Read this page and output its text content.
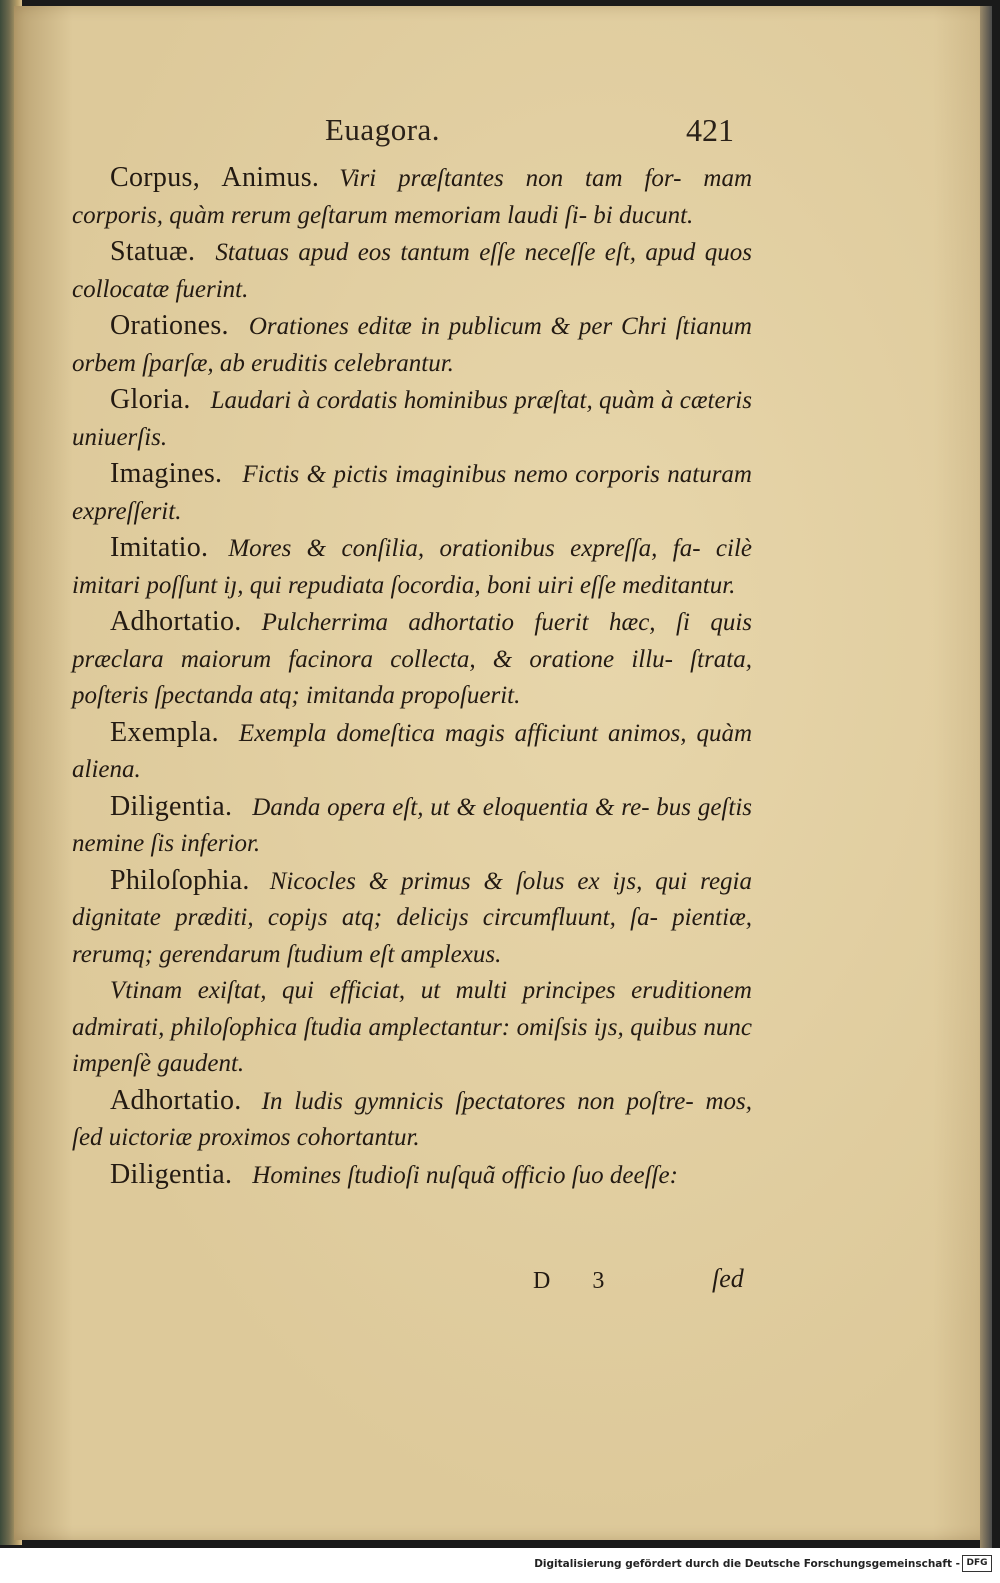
Euagora.	421

Corpus, Animus. Viri præſtantes non tam for- mam corporis, quàm rerum geſtarum memoriam laudi ſi- bi ducunt.

Statuæ. Statuas apud eos tantum eſſe neceſſe eſt, apud quos collocatæ fuerint.

Orationes. Orationes editæ in publicum & per Chri ſtianum orbem ſparſæ, ab eruditis celebrantur.

Gloria. Laudari à cordatis hominibus præſtat, quàm à cæteris uniuerſis.

Imagines. Fictis & pictis imaginibus nemo corporis naturam expreſſerit.

Imitatio. Mores & conſilia, orationibus expreſſa, fa- cilè imitari poſſunt iȷ, qui repudiata ſocordia, boni uiri eſſe meditantur.

Adhortatio. Pulcherrima adhortatio fuerit hæc, ſi quis præclara maiorum facinora collecta, & oratione illu- ſtrata, poſteris ſpectanda atq; imitanda propoſuerit.

Exempla. Exempla domeſtica magis afficiunt animos, quàm aliena.

Diligentia. Danda opera eſt, ut & eloquentia & re- bus geſtis nemine ſis inferior.

Philoſophia. Nicocles & primus & ſolus ex iȷs, qui regia dignitate præditi, copiȷs atq; deliciȷs circumfluunt, ſa- pientiæ, rerumq; gerendarum ſtudium eſt amplexus.

Vtinam exiſtat, qui efficiat, ut multi principes eruditionem admirati, philoſophica ſtudia amplectantur: omiſsis iȷs, quibus nunc impenſè gaudent.

Adhortatio. In ludis gymnicis ſpectatores non poſtre- mos, ſed uictoriæ proximos cohortantur.

Diligentia. Homines ſtudioſi nuſquã officio ſuo deeſſe:

D 3	ſed
Digitalisierung gefördert durch die Deutsche Forschungsgemeinschaft - DFG
